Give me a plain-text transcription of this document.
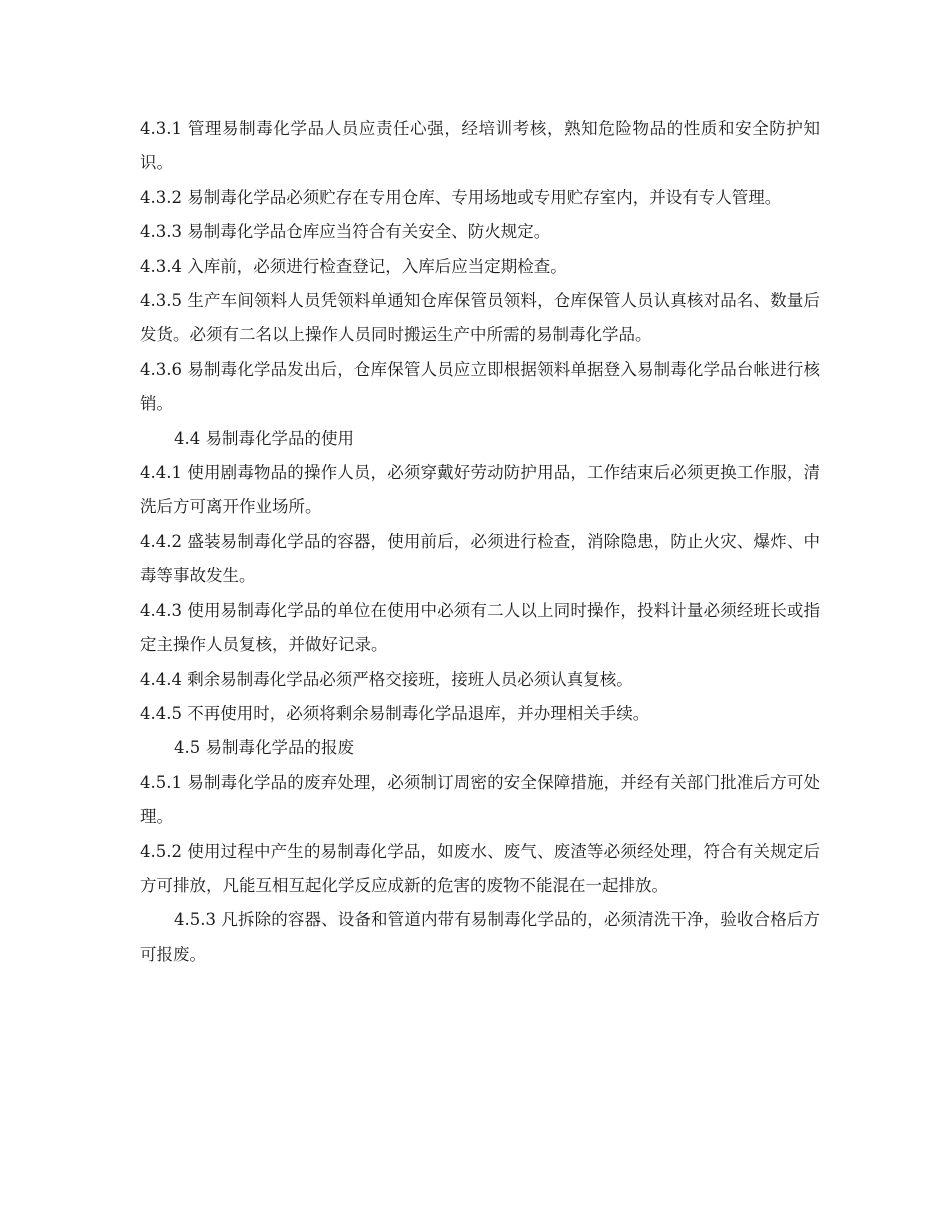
4.3.1 管理易制毒化学品人员应责任心强，经培训考核，熟知危险物品的性质和安全防护知识。

4.3.2 易制毒化学品必须贮存在专用仓库、专用场地或专用贮存室内，并设有专人管理。

4.3.3 易制毒化学品仓库应当符合有关安全、防火规定。

4.3.4 入库前，必须进行检查登记，入库后应当定期检查。

4.3.5 生产车间领料人员凭领料单通知仓库保管员领料，仓库保管人员认真核对品名、数量后发货。必须有二名以上操作人员同时搬运生产中所需的易制毒化学品。

4.3.6 易制毒化学品发出后，仓库保管人员应立即根据领料单据登入易制毒化学品台帐进行核销。

4.4 易制毒化学品的使用

4.4.1 使用剧毒物品的操作人员，必须穿戴好劳动防护用品，工作结束后必须更换工作服，清洗后方可离开作业场所。

4.4.2 盛装易制毒化学品的容器，使用前后，必须进行检查，消除隐患，防止火灾、爆炸、中毒等事故发生。

4.4.3 使用易制毒化学品的单位在使用中必须有二人以上同时操作，投料计量必须经班长或指定主操作人员复核，并做好记录。

4.4.4 剩余易制毒化学品必须严格交接班，接班人员必须认真复核。

4.4.5 不再使用时，必须将剩余易制毒化学品退库，并办理相关手续。

4.5 易制毒化学品的报废

4.5.1 易制毒化学品的废弃处理，必须制订周密的安全保障措施，并经有关部门批准后方可处理。

4.5.2 使用过程中产生的易制毒化学品，如废水、废气、废渣等必须经处理，符合有关规定后方可排放，凡能互相互起化学反应成新的危害的废物不能混在一起排放。

4.5.3 凡拆除的容器、设备和管道内带有易制毒化学品的，必须清洗干净，验收合格后方可报废。
